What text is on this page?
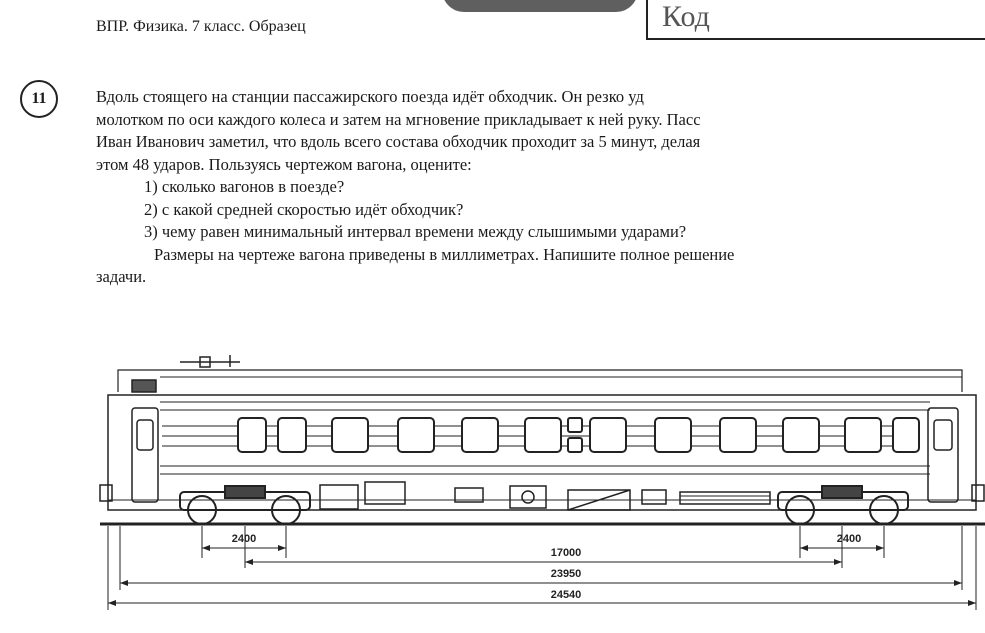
Код
ВПР. Физика. 7 класс. Образец
11	Вдоль стоящего на станции пассажирского поезда идёт обходчик. Он резко уд
молотком по оси каждого колеса и затем на мгновение прикладывает к ней руку. Пасс
Иван Иванович заметил, что вдоль всего состава обходчик проходит за 5 минут, делая
этом 48 ударов. Пользуясь чертежом вагона, оцените:
1) сколько вагонов в поезде?
2) с какой средней скоростью идёт обходчик?
3) чему равен минимальный интервал времени между слышимыми ударами?
Размеры на чертеже вагона приведены в миллиметрах. Напишите полное решение
задачи.
2400	2400
17000
23950
24540
